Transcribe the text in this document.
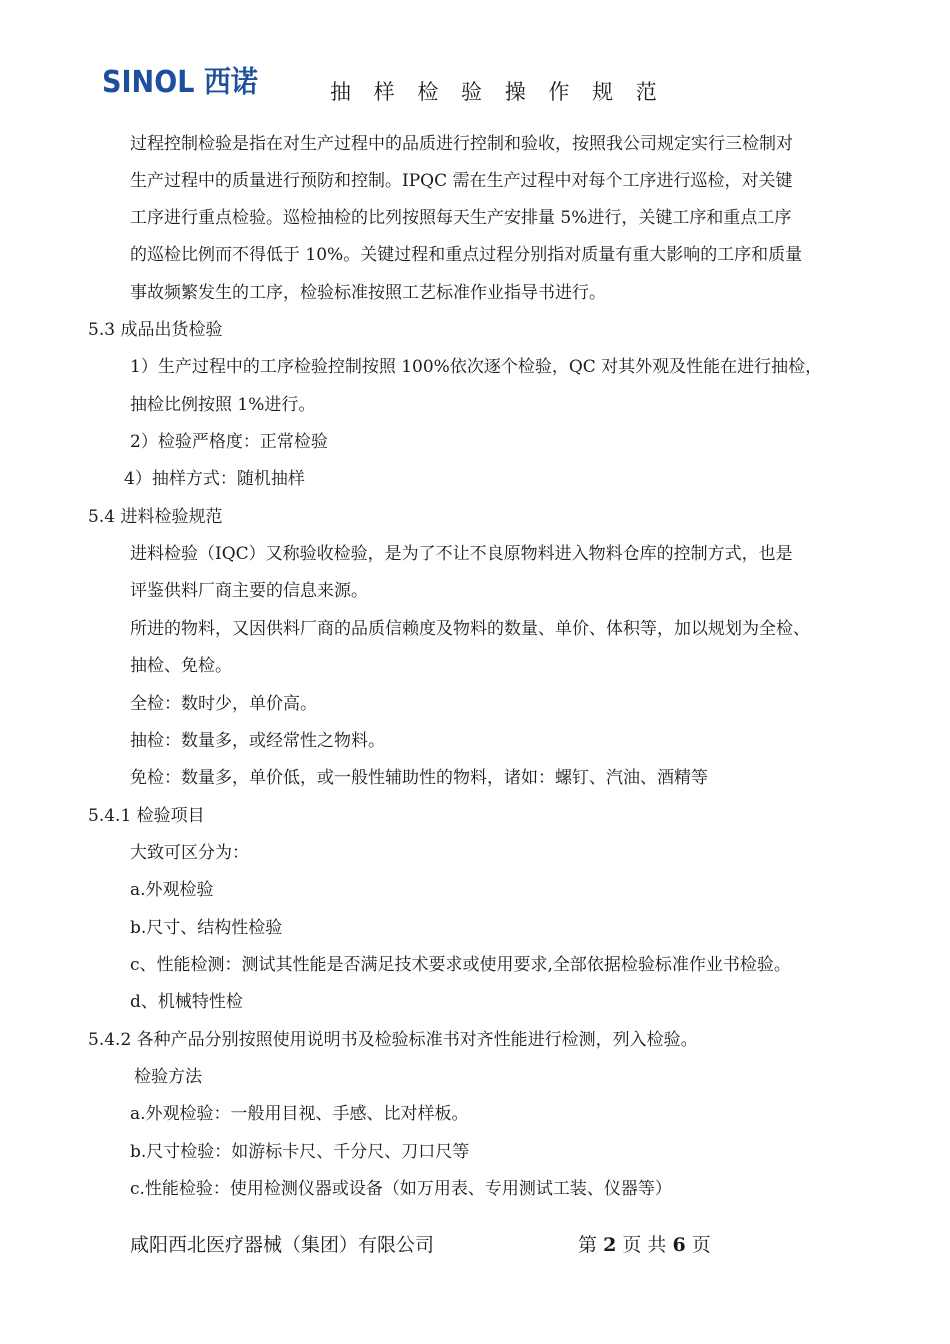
SINOL 西诺	抽 样 检 验 操 作 规 范
过程控制检验是指在对生产过程中的品质进行控制和验收，按照我公司规定实行三检制对
生产过程中的质量进行预防和控制。IPQC 需在生产过程中对每个工序进行巡检，对关键
工序进行重点检验。巡检抽检的比列按照每天生产安排量 5%进行，关键工序和重点工序
的巡检比例而不得低于 10%。关键过程和重点过程分别指对质量有重大影响的工序和质量
事故频繁发生的工序，检验标准按照工艺标准作业指导书进行。
5.3 成品出货检验
1）生产过程中的工序检验控制按照 100%依次逐个检验，QC 对其外观及性能在进行抽检，
抽检比例按照 1%进行。
2）检验严格度：正常检验
4）抽样方式：随机抽样
5.4 进料检验规范
进料检验（IQC）又称验收检验，是为了不让不良原物料进入物料仓库的控制方式，也是
评鉴供料厂商主要的信息来源。
所进的物料，又因供料厂商的品质信赖度及物料的数量、单价、体积等，加以规划为全检、
抽检、免检。
全检：数时少，单价高。
抽检：数量多，或经常性之物料。
免检：数量多，单价低，或一般性辅助性的物料，诸如：螺钉、汽油、酒精等
5.4.1 检验项目
大致可区分为：
a.外观检验
b.尺寸、结构性检验
c、性能检测：测试其性能是否满足技术要求或使用要求,全部依据检验标准作业书检验。
d、机械特性检
5.4.2 各种产品分别按照使用说明书及检验标准书对齐性能进行检测，列入检验。
检验方法
a.外观检验：一般用目视、手感、比对样板。
b.尺寸检验：如游标卡尺、千分尺、刀口尺等
c.性能检验：使用检测仪器或设备（如万用表、专用测试工装、仪器等）
咸阳西北医疗器械（集团）有限公司	第 2 页 共 6 页
